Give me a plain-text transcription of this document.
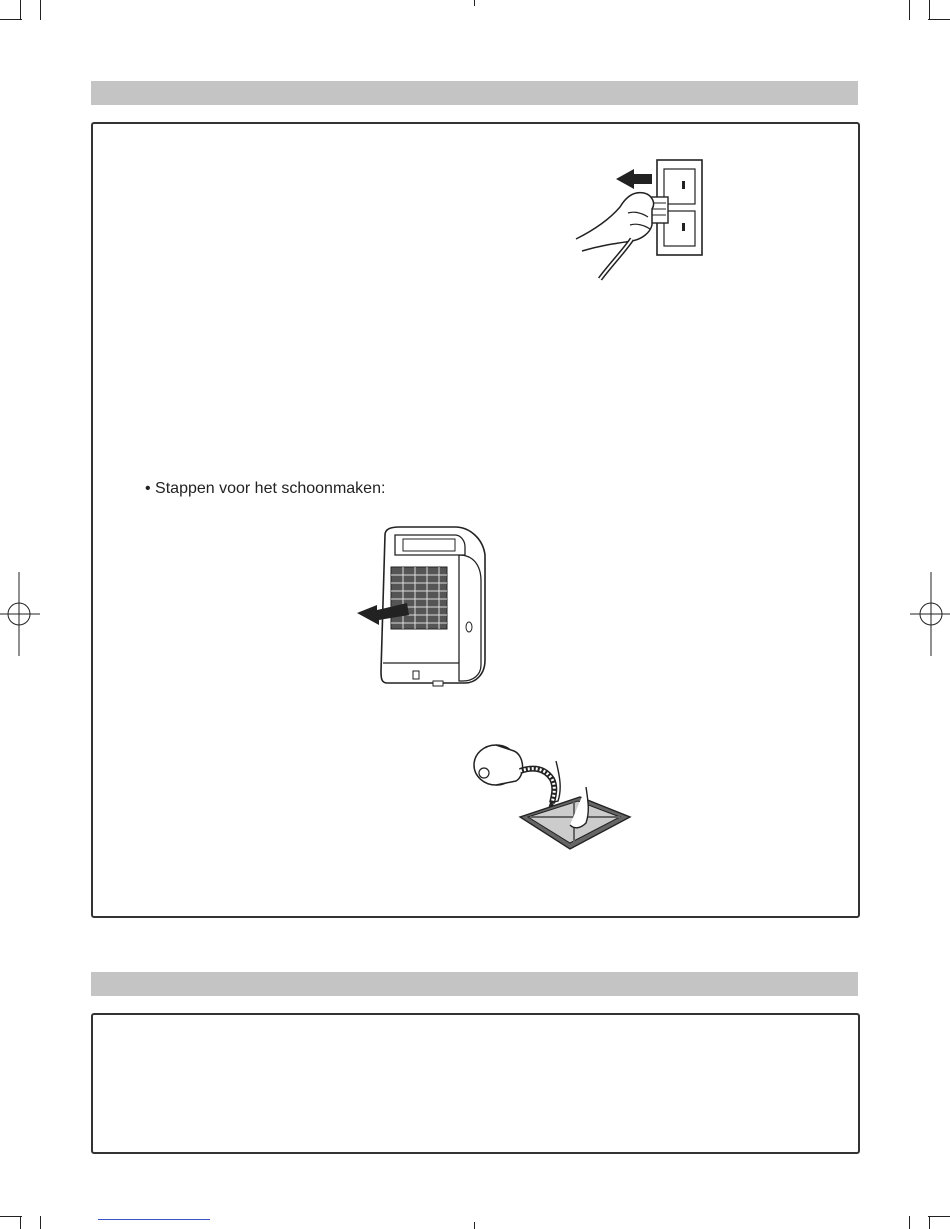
• Stappen voor het schoonmaken:
